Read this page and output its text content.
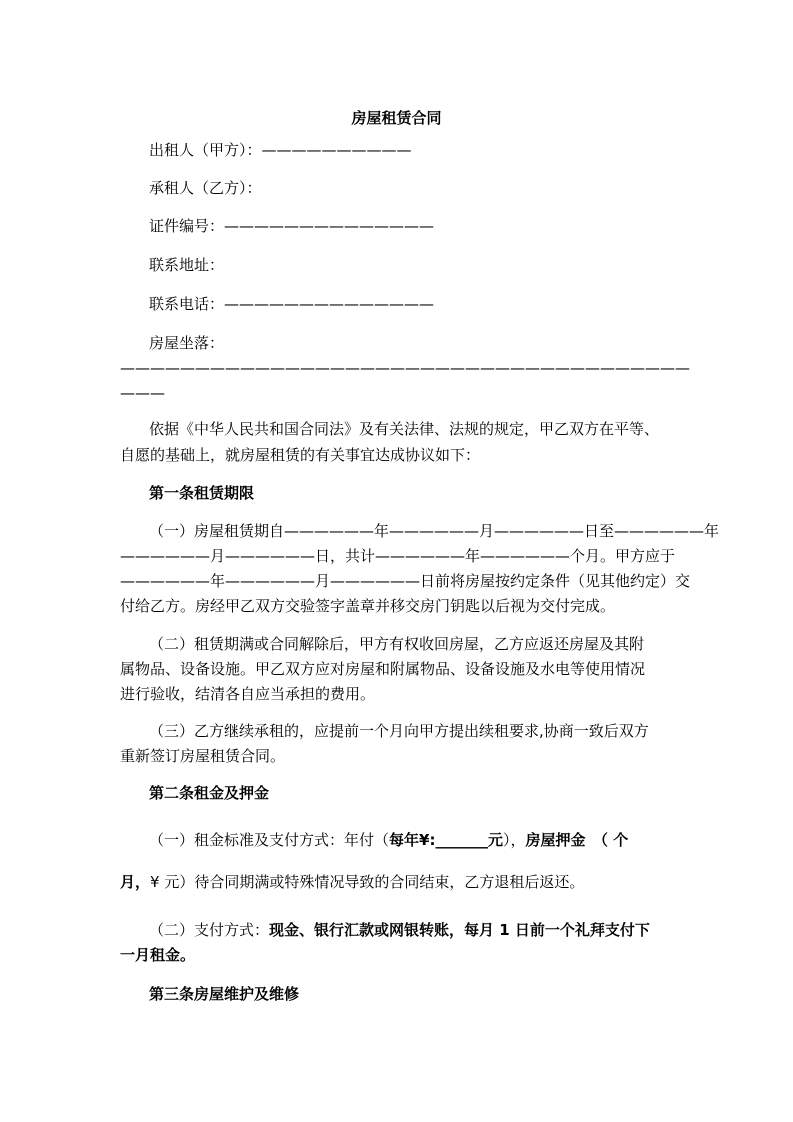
房屋租赁合同
出租人（甲方）：——————————
承租人（乙方）：
证件编号：——————————————
联系地址：
联系电话：——————————————
房屋坐落：
——————————————————————————————————————
———
依据《中华人民共和国合同法》及有关法律、法规的规定，甲乙双方在平等、
自愿的基础上，就房屋租赁的有关事宜达成协议如下：
第一条租赁期限
（一）房屋租赁期自——————年——————月——————日至——————年
——————月——————日，共计——————年——————个月。甲方应于
——————年——————月——————日前将房屋按约定条件（见其他约定）交
付给乙方。房经甲乙双方交验签字盖章并移交房门钥匙以后视为交付完成。
（二）租赁期满或合同解除后，甲方有权收回房屋，乙方应返还房屋及其附
属物品、设备设施。甲乙双方应对房屋和附属物品、设备设施及水电等使用情况
进行验收，结清各自应当承担的费用。
（三）乙方继续承租的，应提前一个月向甲方提出续租要求,协商一致后双方
重新签订房屋租赁合同。
第二条租金及押金
（一）租金标准及支付方式：年付（每年¥:_______元），房屋押金　（ 个
月，¥ 元）待合同期满或特殊情况导致的合同结束，乙方退租后返还。
（二）支付方式：现金、银行汇款或网银转账，每月 1 日前一个礼拜支付下
一月租金。
第三条房屋维护及维修
